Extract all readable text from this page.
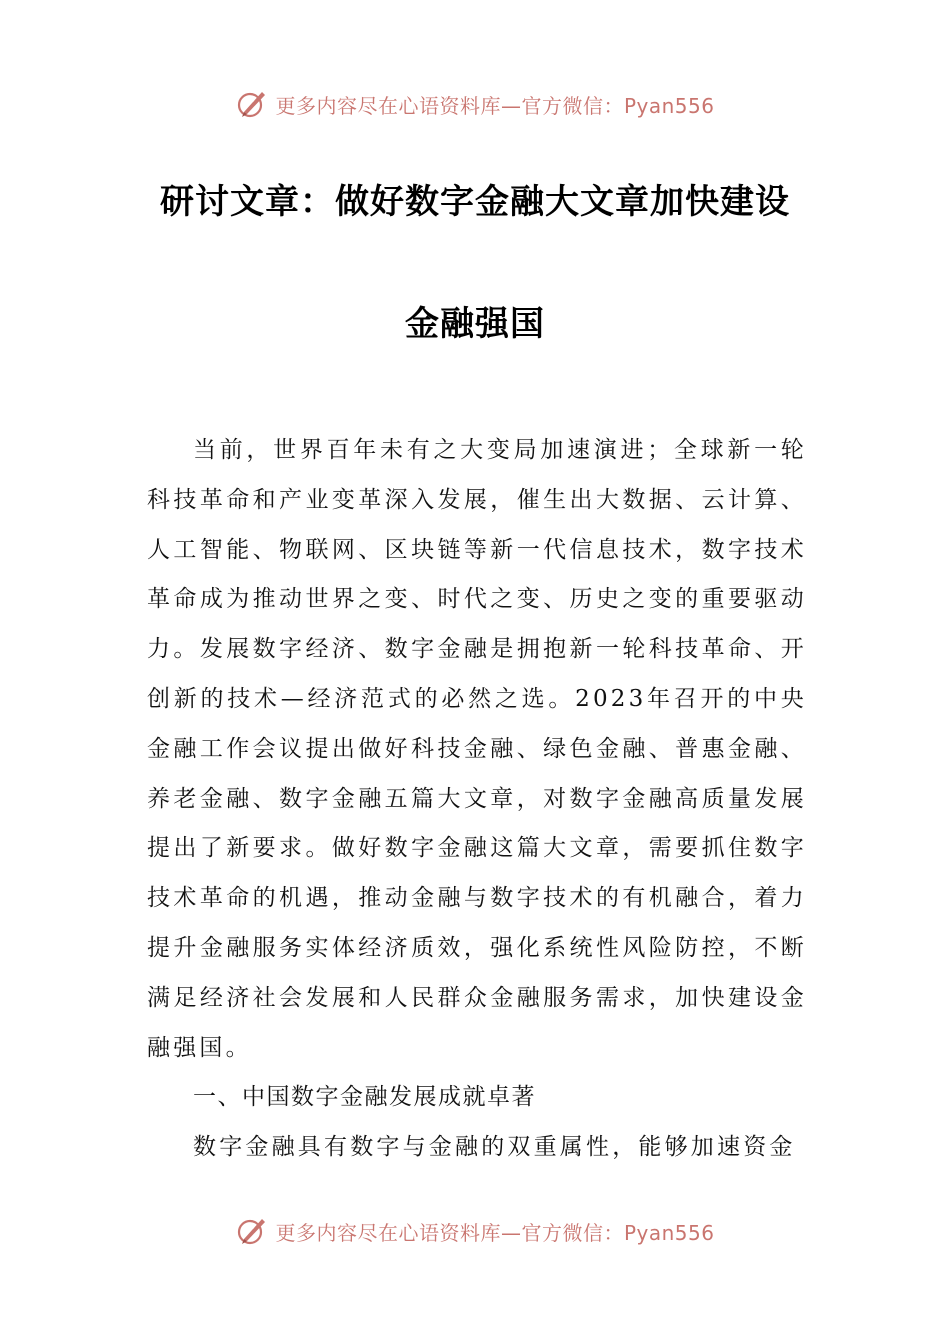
更多内容尽在心语资料库—官方微信：Pyan556
研讨文章：做好数字金融大文章加快建设
金融强国

当前，世界百年未有之大变局加速演进；全球新一轮科技革命和产业变革深入发展，催生出大数据、云计算、人工智能、物联网、区块链等新一代信息技术，数字技术革命成为推动世界之变、时代之变、历史之变的重要驱动力。发展数字经济、数字金融是拥抱新一轮科技革命、开创新的技术—经济范式的必然之选。2023年召开的中央金融工作会议提出做好科技金融、绿色金融、普惠金融、养老金融、数字金融五篇大文章，对数字金融高质量发展提出了新要求。做好数字金融这篇大文章，需要抓住数字技术革命的机遇，推动金融与数字技术的有机融合，着力提升金融服务实体经济质效，强化系统性风险防控，不断满足经济社会发展和人民群众金融服务需求，加快建设金融强国。

一、中国数字金融发展成就卓著

数字金融具有数字与金融的双重属性，能够加速资金

更多内容尽在心语资料库—官方微信：Pyan556
